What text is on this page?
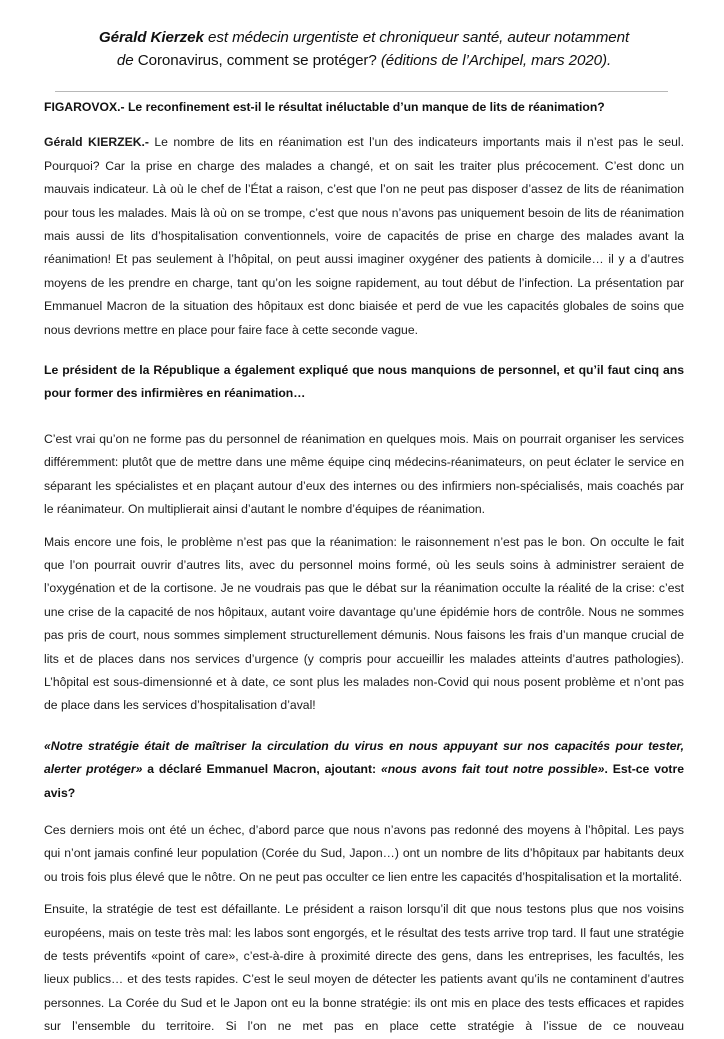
Gérald Kierzek est médecin urgentiste et chroniqueur santé, auteur notamment
de Coronavirus, comment se protéger? (éditions de l’Archipel, mars 2020).

FIGAROVOX.- Le reconfinement est-il le résultat inéluctable d’un manque de lits de réanimation?

Gérald KIERZEK.- Le nombre de lits en réanimation est l’un des indicateurs importants mais il n’est pas le seul. Pourquoi? Car la prise en charge des malades a changé, et on sait les traiter plus précocement. C’est donc un mauvais indicateur. Là où le chef de l’État a raison, c’est que l’on ne peut pas disposer d’assez de lits de réanimation pour tous les malades. Mais là où on se trompe, c’est que nous n’avons pas uniquement besoin de lits de réanimation mais aussi de lits d’hospitalisation conventionnels, voire de capacités de prise en charge des malades avant la réanimation! Et pas seulement à l’hôpital, on peut aussi imaginer oxygéner des patients à domicile… il y a d’autres moyens de les prendre en charge, tant qu’on les soigne rapidement, au tout début de l’infection. La présentation par Emmanuel Macron de la situation des hôpitaux est donc biaisée et perd de vue les capacités globales de soins que nous devrions mettre en place pour faire face à cette seconde vague.

Le président de la République a également expliqué que nous manquions de personnel, et qu’il faut cinq ans pour former des infirmières en réanimation…

C’est vrai qu’on ne forme pas du personnel de réanimation en quelques mois. Mais on pourrait organiser les services différemment: plutôt que de mettre dans une même équipe cinq médecins-réanimateurs, on peut éclater le service en séparant les spécialistes et en plaçant autour d’eux des internes ou des infirmiers non-spécialisés, mais coachés par le réanimateur. On multiplierait ainsi d’autant le nombre d’équipes de réanimation.

Mais encore une fois, le problème n’est pas que la réanimation: le raisonnement n’est pas le bon. On occulte le fait que l’on pourrait ouvrir d’autres lits, avec du personnel moins formé, où les seuls soins à administrer seraient de l’oxygénation et de la cortisone. Je ne voudrais pas que le débat sur la réanimation occulte la réalité de la crise: c’est une crise de la capacité de nos hôpitaux, autant voire davantage qu’une épidémie hors de contrôle. Nous ne sommes pas pris de court, nous sommes simplement structurellement démunis. Nous faisons les frais d’un manque crucial de lits et de places dans nos services d’urgence (y compris pour accueillir les malades atteints d’autres pathologies). L’hôpital est sous-dimensionné et à date, ce sont plus les malades non-Covid qui nous posent problème et n’ont pas de place dans les services d’hospitalisation d’aval!

«Notre stratégie était de maîtriser la circulation du virus en nous appuyant sur nos capacités pour tester, alerter protéger» a déclaré Emmanuel Macron, ajoutant: «nous avons fait tout notre possible». Est-ce votre avis?

Ces derniers mois ont été un échec, d’abord parce que nous n’avons pas redonné des moyens à l’hôpital. Les pays qui n’ont jamais confiné leur population (Corée du Sud, Japon…) ont un nombre de lits d’hôpitaux par habitants deux ou trois fois plus élevé que le nôtre. On ne peut pas occulter ce lien entre les capacités d’hospitalisation et la mortalité.

Ensuite, la stratégie de test est défaillante. Le président a raison lorsqu’il dit que nous testons plus que nos voisins européens, mais on teste très mal: les labos sont engorgés, et le résultat des tests arrive trop tard. Il faut une stratégie de tests préventifs «point of care», c’est-à-dire à proximité directe des gens, dans les entreprises, les facultés, les lieux publics… et des tests rapides. C’est le seul moyen de détecter les patients avant qu’ils ne contaminent d’autres personnes. La Corée du Sud et le Japon ont eu la bonne stratégie: ils ont mis en place des tests efficaces et rapides sur l’ensemble du territoire. Si l’on ne met pas en place cette stratégie à l’issue de ce nouveau
